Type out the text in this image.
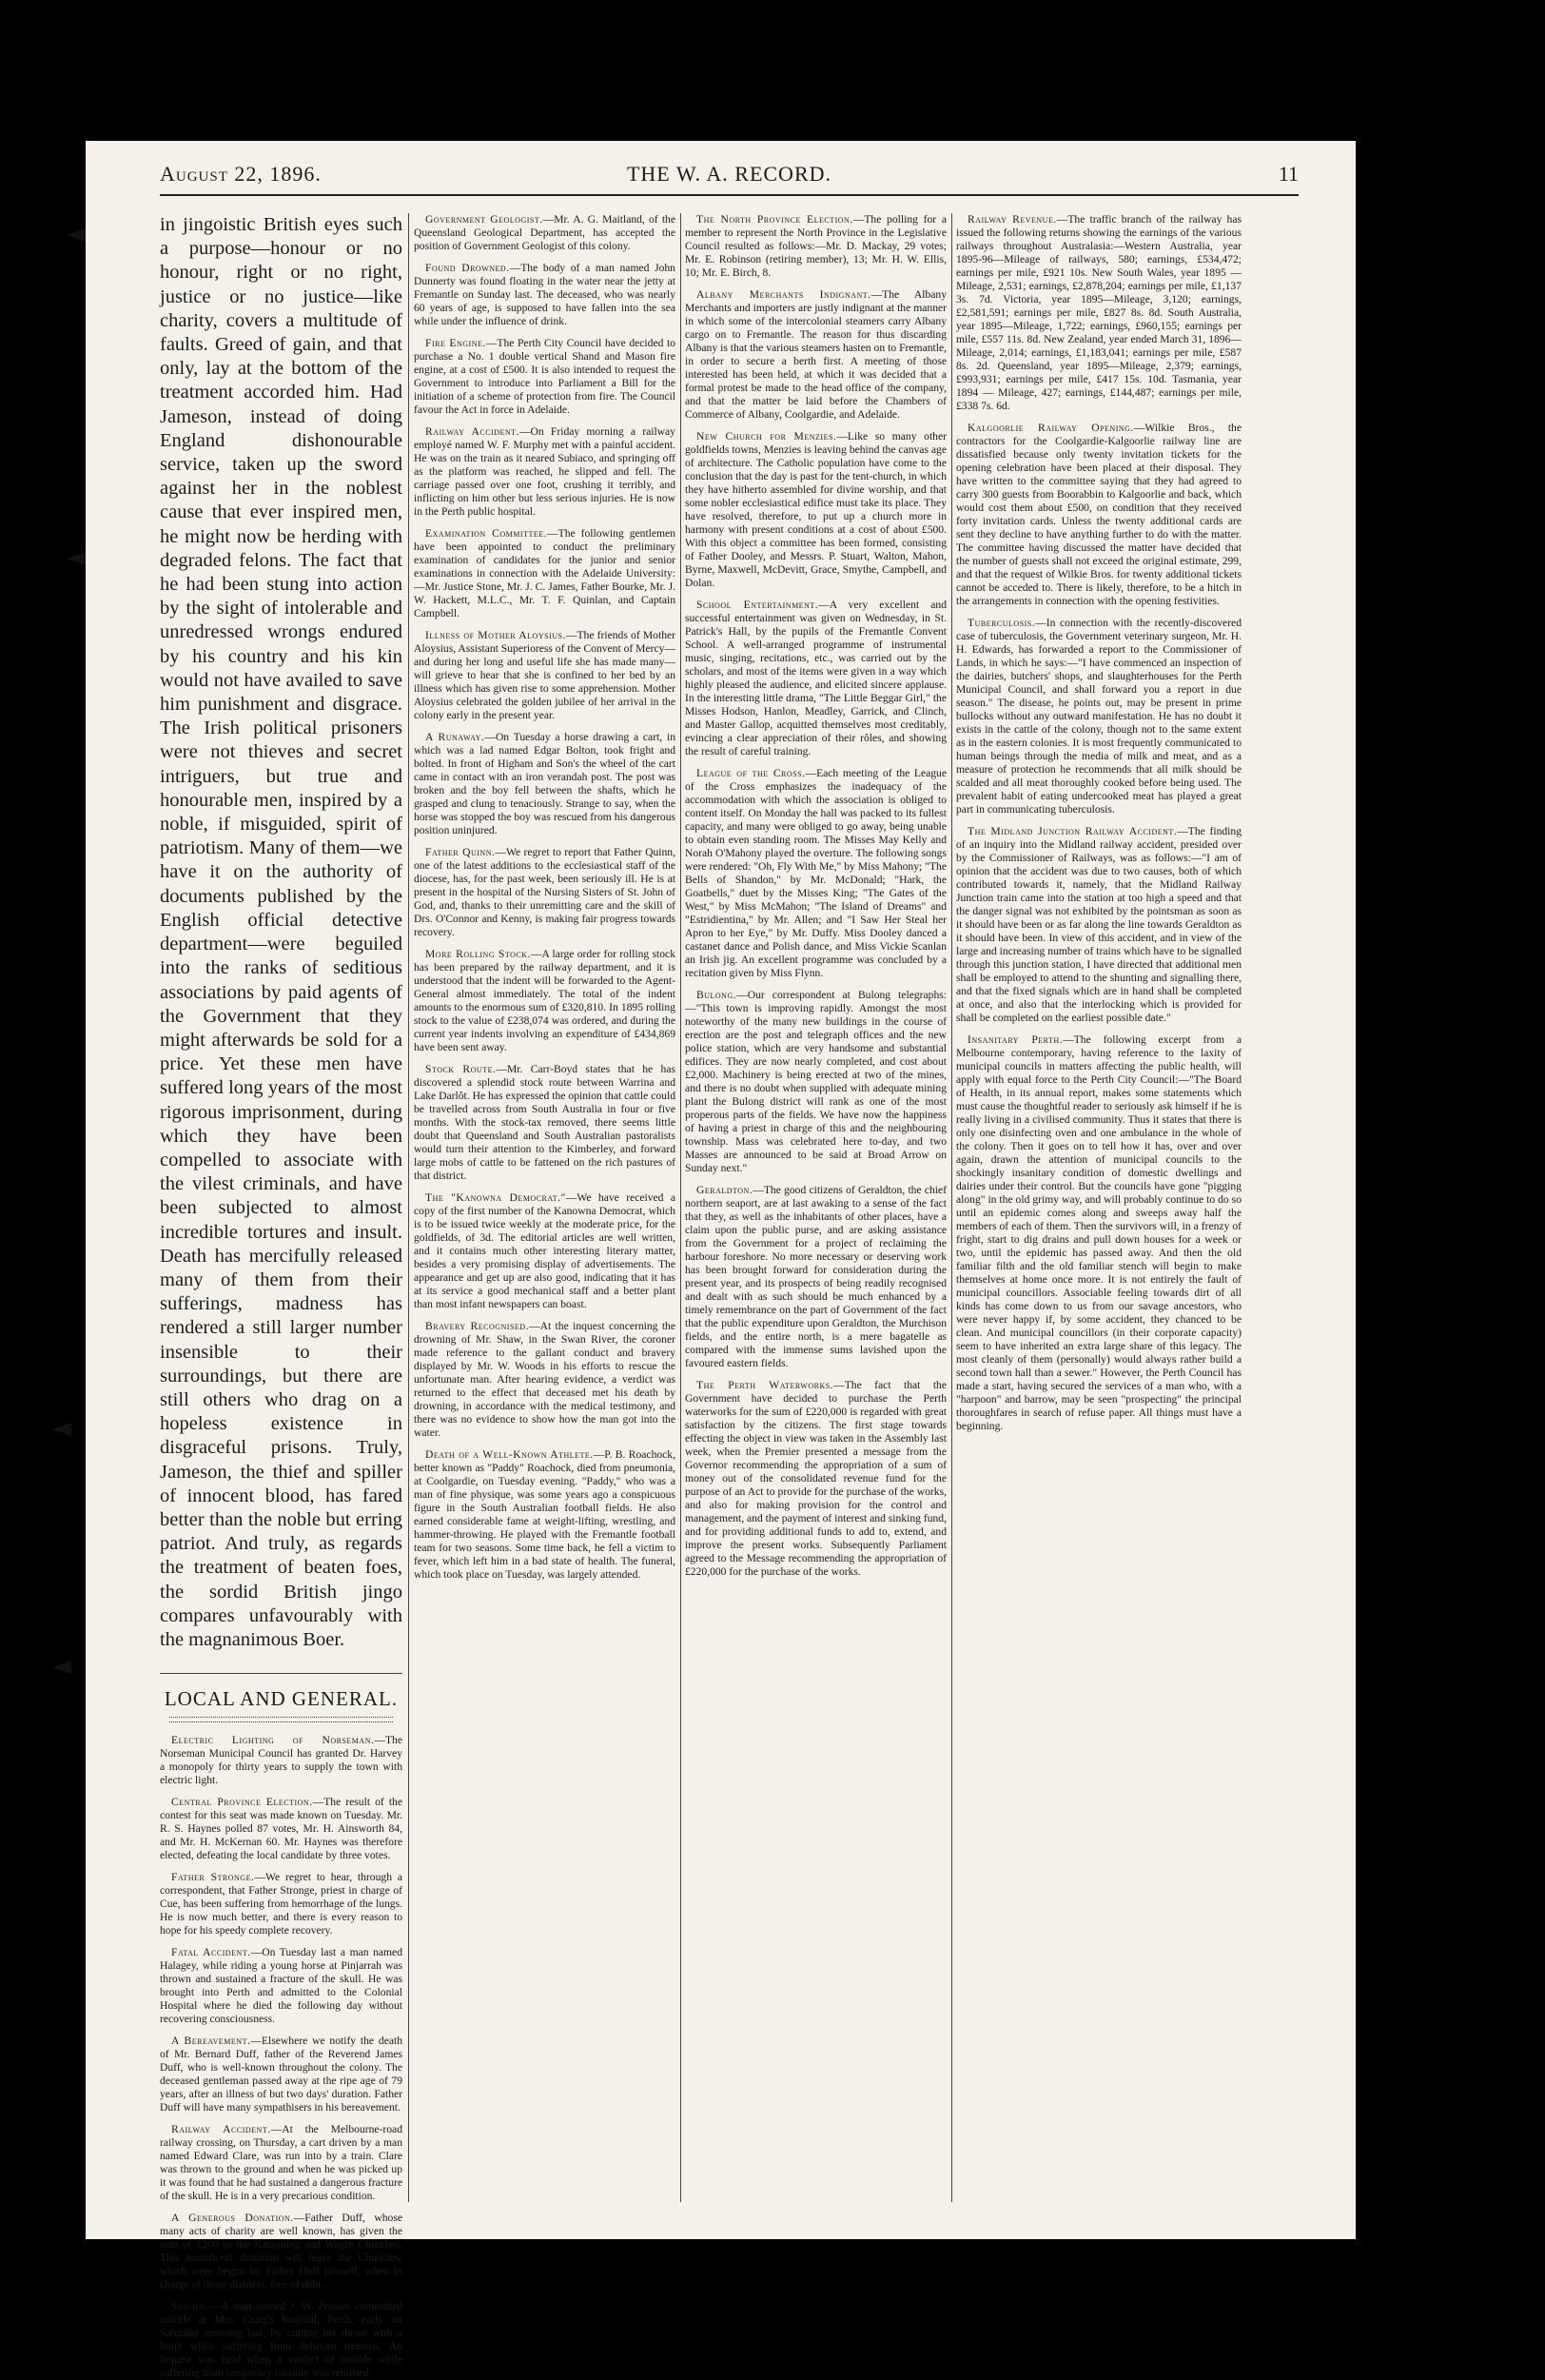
August 22, 1896.	THE W. A. RECORD.	11

in jingoistic British eyes such a purpose—honour or no honour, right or no right, justice or no justice—like charity, covers a multitude of faults. Greed of gain, and that only, lay at the bottom of the treatment accorded him. Had Jameson, instead of doing England dishonourable service, taken up the sword against her in the noblest cause that ever inspired men, he might now be herding with degraded felons. The fact that he had been stung into action by the sight of intolerable and unredressed wrongs endured by his country and his kin would not have availed to save him punishment and disgrace. The Irish political prisoners were not thieves and secret intriguers, but true and honourable men, inspired by a noble, if misguided, spirit of patriotism. Many of them—we have it on the authority of documents published by the English official detective department—were beguiled into the ranks of seditious associations by paid agents of the Government that they might afterwards be sold for a price. Yet these men have suffered long years of the most rigorous imprisonment, during which they have been compelled to associate with the vilest criminals, and have been subjected to almost incredible tortures and insult. Death has mercifully released many of them from their sufferings, madness has rendered a still larger number insensible to their surroundings, but there are still others who drag on a hopeless existence in disgraceful prisons. Truly, Jameson, the thief and spiller of innocent blood, has fared better than the noble but erring patriot. And truly, as regards the treatment of beaten foes, the sordid British jingo compares unfavourably with the magnanimous Boer.

LOCAL AND GENERAL.

Electric Lighting of Norseman.—The Norseman Municipal Council has granted Dr. Harvey a monopoly for thirty years to supply the town with electric light.

Central Province Election.—The result of the contest for this seat was made known on Tuesday. Mr. R. S. Haynes polled 87 votes, Mr. H. Ainsworth 84, and Mr. H. McKernan 60. Mr. Haynes was therefore elected, defeating the local candidate by three votes.

Father Stronge.—We regret to hear, through a correspondent, that Father Stronge, priest in charge of Cue, has been suffering from hemorrhage of the lungs. He is now much better, and there is every reason to hope for his speedy complete recovery.

Fatal Accident.—On Tuesday last a man named Halagey, while riding a young horse at Pinjarrah was thrown and sustained a fracture of the skull. He was brought into Perth and admitted to the Colonial Hospital where he died the following day without recovering consciousness.

A Bereavement.—Elsewhere we notify the death of Mr. Bernard Duff, father of the Reverend James Duff, who is well-known throughout the colony. The deceased gentleman passed away at the ripe age of 79 years, after an illness of but two days' duration. Father Duff will have many sympathisers in his bereavement.

Railway Accident.—At the Melbourne-road railway crossing, on Thursday, a cart driven by a man named Edward Clare, was run into by a train. Clare was thrown to the ground and when he was picked up it was found that he had sustained a dangerous fracture of the skull. He is in a very precarious condition.

A Generous Donation.—Father Duff, whose many acts of charity are well known, has given the sum of £200 to the Katanning and Wagin Churches. This munificent donation will leave the Churches, which were begun by Father Duff himself, when in charge of those districts, free of debt.

Suicide.—A man named J. W. Prosser committed suicide at Mrs. Craig's hospital, Perth, early on Saturday morning last, by cutting his throat with a knife while suffering from delirium tremens. An inquest was held when a verdict of suicide while suffering from temporary insanity was returned.

Government Geologist.—Mr. A. G. Maitland, of the Queensland Geological Department, has accepted the position of Government Geologist of this colony.

Found Drowned.—The body of a man named John Dunnerty was found floating in the water near the jetty at Fremantle on Sunday last. The deceased, who was nearly 60 years of age, is supposed to have fallen into the sea while under the influence of drink.

Fire Engine.—The Perth City Council have decided to purchase a No. 1 double vertical Shand and Mason fire engine, at a cost of £500. It is also intended to request the Government to introduce into Parliament a Bill for the initiation of a scheme of protection from fire. The Council favour the Act in force in Adelaide.

Railway Accident.—On Friday morning a railway employé named W. F. Murphy met with a painful accident. He was on the train as it neared Subiaco, and springing off as the platform was reached, he slipped and fell. The carriage passed over one foot, crushing it terribly, and inflicting on him other but less serious injuries. He is now in the Perth public hospital.

Examination Committee.—The following gentlemen have been appointed to conduct the preliminary examination of candidates for the junior and senior examinations in connection with the Adelaide University:—Mr. Justice Stone, Mr. J. C. James, Father Bourke, Mr. J. W. Hackett, M.L.C., Mr. T. F. Quinlan, and Captain Campbell.

Illness of Mother Aloysius.—The friends of Mother Aloysius, Assistant Superioress of the Convent of Mercy—and during her long and useful life she has made many—will grieve to hear that she is confined to her bed by an illness which has given rise to some apprehension. Mother Aloysius celebrated the golden jubilee of her arrival in the colony early in the present year.

A Runaway.—On Tuesday a horse drawing a cart, in which was a lad named Edgar Bolton, took fright and bolted. In front of Higham and Son's the wheel of the cart came in contact with an iron verandah post. The post was broken and the boy fell between the shafts, which he grasped and clung to tenaciously. Strange to say, when the horse was stopped the boy was rescued from his dangerous position uninjured.

Father Quinn.—We regret to report that Father Quinn, one of the latest additions to the ecclesiastical staff of the diocese, has, for the past week, been seriously ill. He is at present in the hospital of the Nursing Sisters of St. John of God, and, thanks to their unremitting care and the skill of Drs. O'Connor and Kenny, is making fair progress towards recovery.

More Rolling Stock.—A large order for rolling stock has been prepared by the railway department, and it is understood that the indent will be forwarded to the Agent-General almost immediately. The total of the indent amounts to the enormous sum of £320,810. In 1895 rolling stock to the value of £238,074 was ordered, and during the current year indents involving an expenditure of £434,869 have been sent away.

Stock Route.—Mr. Carr-Boyd states that he has discovered a splendid stock route between Warrina and Lake Darlôt. He has expressed the opinion that cattle could be travelled across from South Australia in four or five months. With the stock-tax removed, there seems little doubt that Queensland and South Australian pastoralists would turn their attention to the Kimberley, and forward large mobs of cattle to be fattened on the rich pastures of that district.

The "Kanowna Democrat."—We have received a copy of the first number of the Kanowna Democrat, which is to be issued twice weekly at the moderate price, for the goldfields, of 3d. The editorial articles are well written, and it contains much other interesting literary matter, besides a very promising display of advertisements. The appearance and get up are also good, indicating that it has at its service a good mechanical staff and a better plant than most infant newspapers can boast.

Bravery Recognised.—At the inquest concerning the drowning of Mr. Shaw, in the Swan River, the coroner made reference to the gallant conduct and bravery displayed by Mr. W. Woods in his efforts to rescue the unfortunate man. After hearing evidence, a verdict was returned to the effect that deceased met his death by drowning, in accordance with the medical testimony, and there was no evidence to show how the man got into the water.

Death of a Well-Known Athlete.—P. B. Roachock, better known as "Paddy" Roachock, died from pneumonia, at Coolgardie, on Tuesday evening. "Paddy," who was a man of fine physique, was some years ago a conspicuous figure in the South Australian football fields. He also earned considerable fame at weight-lifting, wrestling, and hammer-throwing. He played with the Fremantle football team for two seasons. Some time back, he fell a victim to fever, which left him in a bad state of health. The funeral, which took place on Tuesday, was largely attended.

The North Province Election.—The polling for a member to represent the North Province in the Legislative Council resulted as follows:—Mr. D. Mackay, 29 votes; Mr. E. Robinson (retiring member), 13; Mr. H. W. Ellis, 10; Mr. E. Birch, 8.

Albany Merchants Indignant.—The Albany Merchants and importers are justly indignant at the manner in which some of the intercolonial steamers carry Albany cargo on to Fremantle. The reason for thus discarding Albany is that the various steamers hasten on to Fremantle, in order to secure a berth first. A meeting of those interested has been held, at which it was decided that a formal protest be made to the head office of the company, and that the matter be laid before the Chambers of Commerce of Albany, Coolgardie, and Adelaide.

New Church for Menzies.—Like so many other goldfields towns, Menzies is leaving behind the canvas age of architecture. The Catholic population have come to the conclusion that the day is past for the tent-church, in which they have hitherto assembled for divine worship, and that some nobler ecclesiastical edifice must take its place. They have resolved, therefore, to put up a church more in harmony with present conditions at a cost of about £500. With this object a committee has been formed, consisting of Father Dooley, and Messrs. P. Stuart, Walton, Mahon, Byrne, Maxwell, McDevitt, Grace, Smythe, Campbell, and Dolan.

School Entertainment.—A very excellent and successful entertainment was given on Wednesday, in St. Patrick's Hall, by the pupils of the Fremantle Convent School. A well-arranged programme of instrumental music, singing, recitations, etc., was carried out by the scholars, and most of the items were given in a way which highly pleased the audience, and elicited sincere applause. In the interesting little drama, "The Little Beggar Girl," the Misses Hodson, Hanlon, Meadley, Garrick, and Clinch, and Master Gallop, acquitted themselves most creditably, evincing a clear appreciation of their rôles, and showing the result of careful training.

League of the Cross.—Each meeting of the League of the Cross emphasizes the inadequacy of the accommodation with which the association is obliged to content itself. On Monday the hall was packed to its fullest capacity, and many were obliged to go away, being unable to obtain even standing room. The Misses May Kelly and Norah O'Mahony played the overture. The following songs were rendered: "Oh, Fly With Me," by Miss Mahony; "The Bells of Shandon," by Mr. McDonald; "Hark, the Goatbells," duet by the Misses King; "The Gates of the West," by Miss McMahon; "The Island of Dreams" and "Estridientina," by Mr. Allen; and "I Saw Her Steal her Apron to her Eye," by Mr. Duffy. Miss Dooley danced a castanet dance and Polish dance, and Miss Vickie Scanlan an Irish jig. An excellent programme was concluded by a recitation given by Miss Flynn.

Bulong.—Our correspondent at Bulong telegraphs:—"This town is improving rapidly. Amongst the most noteworthy of the many new buildings in the course of erection are the post and telegraph offices and the new police station, which are very handsome and substantial edifices. They are now nearly completed, and cost about £2,000. Machinery is being erected at two of the mines, and there is no doubt when supplied with adequate mining plant the Bulong district will rank as one of the most properous parts of the fields. We have now the happiness of having a priest in charge of this and the neighbouring township. Mass was celebrated here to-day, and two Masses are announced to be said at Broad Arrow on Sunday next."

Geraldton.—The good citizens of Geraldton, the chief northern seaport, are at last awaking to a sense of the fact that they, as well as the inhabitants of other places, have a claim upon the public purse, and are asking assistance from the Government for a project of reclaiming the harbour foreshore. No more necessary or deserving work has been brought forward for consideration during the present year, and its prospects of being readily recognised and dealt with as such should be much enhanced by a timely remembrance on the part of Government of the fact that the public expenditure upon Geraldton, the Murchison fields, and the entire north, is a mere bagatelle as compared with the immense sums lavished upon the favoured eastern fields.

The Perth Waterworks.—The fact that the Government have decided to purchase the Perth waterworks for the sum of £220,000 is regarded with great satisfaction by the citizens. The first stage towards effecting the object in view was taken in the Assembly last week, when the Premier presented a message from the Governor recommending the appropriation of a sum of money out of the consolidated revenue fund for the purpose of an Act to provide for the purchase of the works, and also for making provision for the control and management, and the payment of interest and sinking fund, and for providing additional funds to add to, extend, and improve the present works. Subsequently Parliament agreed to the Message recommending the appropriation of £220,000 for the purchase of the works.

Railway Revenue.—The traffic branch of the railway has issued the following returns showing the earnings of the various railways throughout Australasia:—Western Australia, year 1895-96—Mileage of railways, 580; earnings, £534,472; earnings per mile, £921 10s. New South Wales, year 1895 — Mileage, 2,531; earnings, £2,878,204; earnings per mile, £1,137 3s. 7d. Victoria, year 1895—Mileage, 3,120; earnings, £2,581,591; earnings per mile, £827 8s. 8d. South Australia, year 1895—Mileage, 1,722; earnings, £960,155; earnings per mile, £557 11s. 8d. New Zealand, year ended March 31, 1896—Mileage, 2,014; earnings, £1,183,041; earnings per mile, £587 8s. 2d. Queensland, year 1895—Mileage, 2,379; earnings, £993,931; earnings per mile, £417 15s. 10d. Tasmania, year 1894 — Mileage, 427; earnings, £144,487; earnings per mile, £338 7s. 6d.

Kalgoorlie Railway Opening.—Wilkie Bros., the contractors for the Coolgardie-Kalgoorlie railway line are dissatisfied because only twenty invitation tickets for the opening celebration have been placed at their disposal. They have written to the committee saying that they had agreed to carry 300 guests from Boorabbin to Kalgoorlie and back, which would cost them about £500, on condition that they received forty invitation cards. Unless the twenty additional cards are sent they decline to have anything further to do with the matter. The committee having discussed the matter have decided that the number of guests shall not exceed the original estimate, 299, and that the request of Wilkie Bros. for twenty additional tickets cannot be acceded to. There is likely, therefore, to be a hitch in the arrangements in connection with the opening festivities.

Tuberculosis.—In connection with the recently-discovered case of tuberculosis, the Government veterinary surgeon, Mr. H. H. Edwards, has forwarded a report to the Commissioner of Lands, in which he says:—"I have commenced an inspection of the dairies, butchers' shops, and slaughterhouses for the Perth Municipal Council, and shall forward you a report in due season." The disease, he points out, may be present in prime bullocks without any outward manifestation. He has no doubt it exists in the cattle of the colony, though not to the same extent as in the eastern colonies. It is most frequently communicated to human beings through the media of milk and meat, and as a measure of protection he recommends that all milk should be scalded and all meat thoroughly cooked before being used. The prevalent habit of eating undercooked meat has played a great part in communicating tuberculosis.

The Midland Junction Railway Accident.—The finding of an inquiry into the Midland railway accident, presided over by the Commissioner of Railways, was as follows:—"I am of opinion that the accident was due to two causes, both of which contributed towards it, namely, that the Midland Railway Junction train came into the station at too high a speed and that the danger signal was not exhibited by the pointsman as soon as it should have been or as far along the line towards Geraldton as it should have been. In view of this accident, and in view of the large and increasing number of trains which have to be signalled through this junction station, I have directed that additional men shall be employed to attend to the shunting and signalling there, and that the fixed signals which are in hand shall be completed at once, and also that the interlocking which is provided for shall be completed on the earliest possible date."

Insanitary Perth.—The following excerpt from a Melbourne contemporary, having reference to the laxity of municipal councils in matters affecting the public health, will apply with equal force to the Perth City Council:—"The Board of Health, in its annual report, makes some statements which must cause the thoughtful reader to seriously ask himself if he is really living in a civilised community. Thus it states that there is only one disinfecting oven and one ambulance in the whole of the colony. Then it goes on to tell how it has, over and over again, drawn the attention of municipal councils to the shockingly insanitary condition of domestic dwellings and dairies under their control. But the councils have gone "pigging along" in the old grimy way, and will probably continue to do so until an epidemic comes along and sweeps away half the members of each of them. Then the survivors will, in a frenzy of fright, start to dig drains and pull down houses for a week or two, until the epidemic has passed away. And then the old familiar filth and the old familiar stench will begin to make themselves at home once more. It is not entirely the fault of municipal councillors. Associable feeling towards dirt of all kinds has come down to us from our savage ancestors, who were never happy if, by some accident, they chanced to be clean. And municipal councillors (in their corporate capacity) seem to have inherited an extra large share of this legacy. The most cleanly of them (personally) would always rather build a second town hall than a sewer." However, the Perth Council has made a start, having secured the services of a man who, with a "harpoon" and barrow, may be seen "prospecting" the principal thoroughfares in search of refuse paper. All things must have a beginning.
